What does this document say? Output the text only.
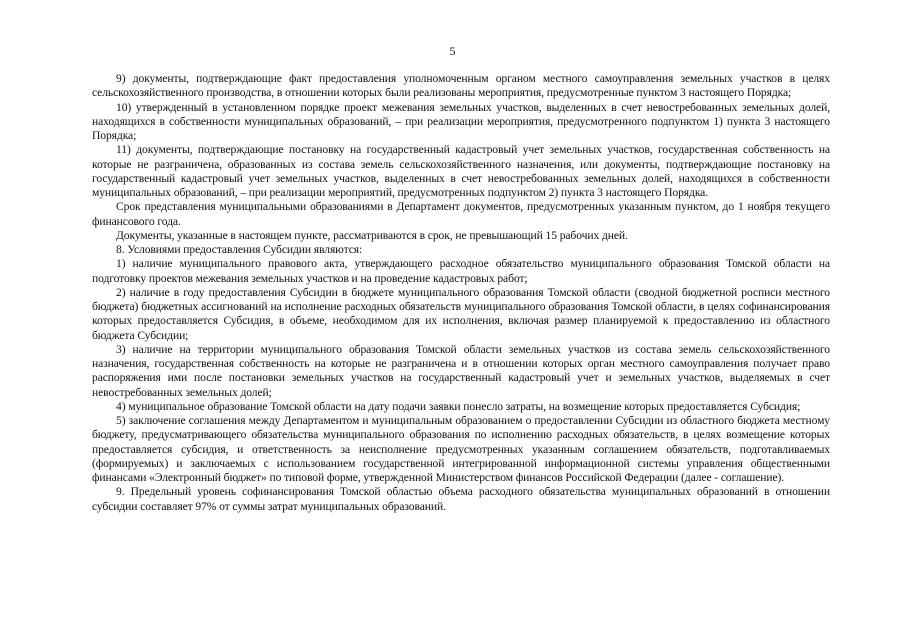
5

9) документы, подтверждающие факт предоставления уполномоченным органом местного самоуправления земельных участков в целях сельскохозяйственного производства, в отношении которых были реализованы мероприятия, предусмотренные пунктом 3 настоящего Порядка;

10) утвержденный в установленном порядке проект межевания земельных участков, выделенных в счет невостребованных земельных долей, находящихся в собственности муниципальных образований, – при реализации мероприятия, предусмотренного подпунктом 1) пункта 3 настоящего Порядка;

11) документы, подтверждающие постановку на государственный кадастровый учет земельных участков, государственная собственность на которые не разграничена, образованных из состава земель сельскохозяйственного назначения, или документы, подтверждающие постановку на государственный кадастровый учет земельных участков, выделенных в счет невостребованных земельных долей, находящихся в собственности муниципальных образований, – при реализации мероприятий, предусмотренных подпунктом 2) пункта 3 настоящего Порядка.

Срок представления муниципальными образованиями в Департамент документов, предусмотренных указанным пунктом, до 1 ноября текущего финансового года.

Документы, указанные в настоящем пункте, рассматриваются в срок, не превышающий 15 рабочих дней.

8. Условиями предоставления Субсидии являются:

1) наличие муниципального правового акта, утверждающего расходное обязательство муниципального образования Томской области на подготовку проектов межевания земельных участков и на проведение кадастровых работ;

2) наличие в году предоставления Субсидии в бюджете муниципального образования Томской области (сводной бюджетной росписи местного бюджета) бюджетных ассигнований на исполнение расходных обязательств муниципального образования Томской области, в целях софинансирования которых предоставляется Субсидия, в объеме, необходимом для их исполнения, включая размер планируемой к предоставлению из областного бюджета Субсидии;

3) наличие на территории муниципального образования Томской области земельных участков из состава земель сельскохозяйственного назначения, государственная собственность на которые не разграничена и в отношении которых орган местного самоуправления получает право распоряжения ими после постановки земельных участков на государственный кадастровый учет и земельных участков, выделяемых в счет невостребованных земельных долей;

4) муниципальное образование Томской области на дату подачи заявки понесло затраты, на возмещение которых предоставляется Субсидия;

5) заключение соглашения между Департаментом и муниципальным образованием о предоставлении Субсидии из областного бюджета местному бюджету, предусматривающего обязательства муниципального образования по исполнению расходных обязательств, в целях возмещение которых предоставляется субсидия, и ответственность за неисполнение предусмотренных указанным соглашением обязательств, подготавливаемых (формируемых) и заключаемых с использованием государственной интегрированной информационной системы управления общественными финансами «Электронный бюджет» по типовой форме, утвержденной Министерством финансов Российской Федерации (далее - соглашение).

9. Предельный уровень софинансирования Томской областью объема расходного обязательства муниципальных образований в отношении субсидии составляет 97% от суммы затрат муниципальных образований.
